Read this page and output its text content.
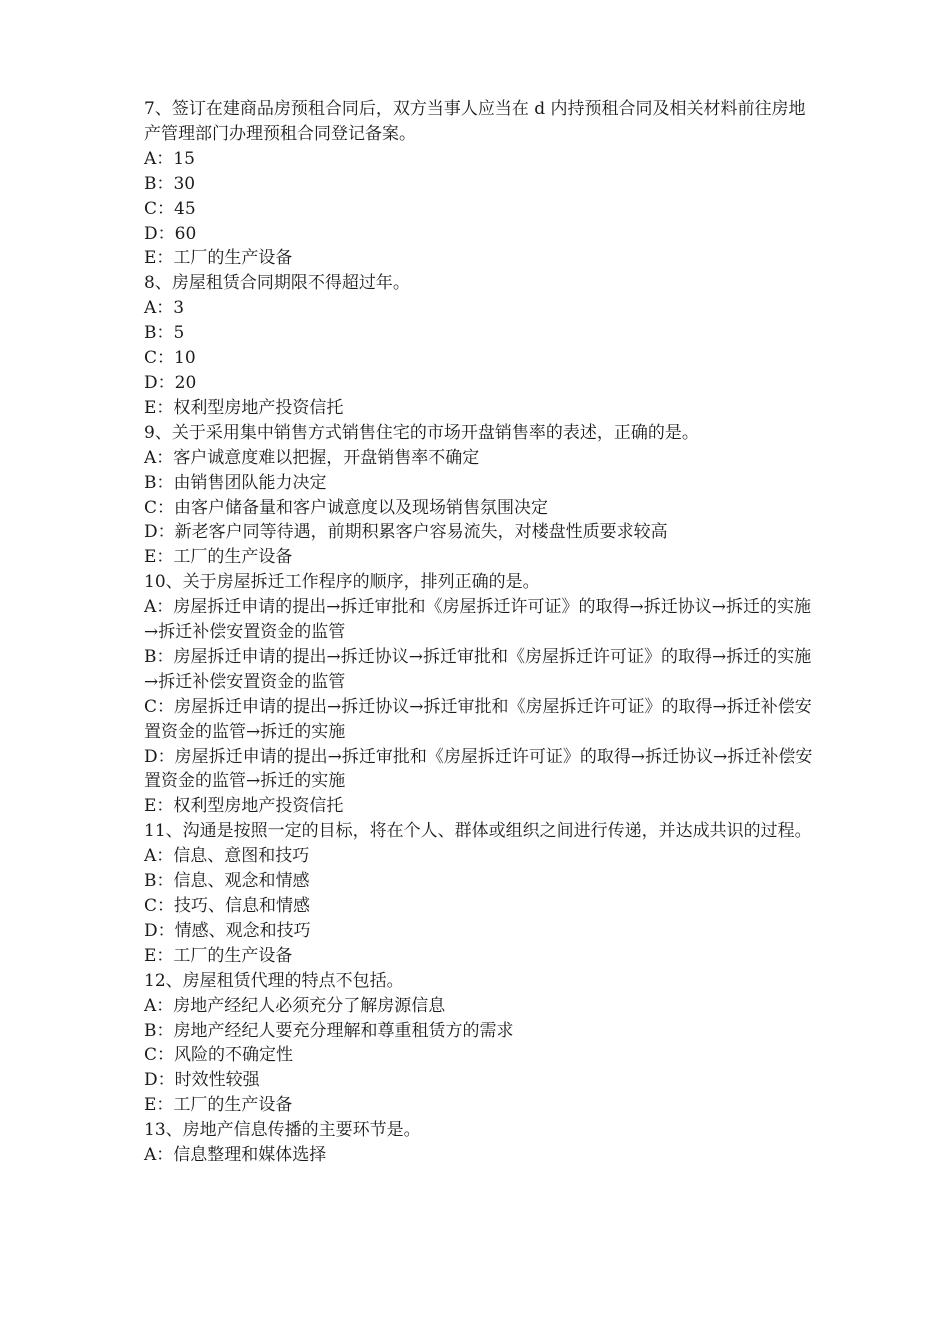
7、签订在建商品房预租合同后，双方当事人应当在 d 内持预租合同及相关材料前往房地产管理部门办理预租合同登记备案。
A：15
B：30
C：45
D：60
E：工厂的生产设备
8、房屋租赁合同期限不得超过年。
A：3
B：5
C：10
D：20
E：权利型房地产投资信托
9、关于采用集中销售方式销售住宅的市场开盘销售率的表述，正确的是。
A：客户诚意度难以把握，开盘销售率不确定
B：由销售团队能力决定
C：由客户储备量和客户诚意度以及现场销售氛围决定
D：新老客户同等待遇，前期积累客户容易流失，对楼盘性质要求较高
E：工厂的生产设备
10、关于房屋拆迁工作程序的顺序，排列正确的是。
A：房屋拆迁申请的提出→拆迁审批和《房屋拆迁许可证》的取得→拆迁协议→拆迁的实施→拆迁补偿安置资金的监管
B：房屋拆迁申请的提出→拆迁协议→拆迁审批和《房屋拆迁许可证》的取得→拆迁的实施→拆迁补偿安置资金的监管
C：房屋拆迁申请的提出→拆迁协议→拆迁审批和《房屋拆迁许可证》的取得→拆迁补偿安置资金的监管→拆迁的实施
D：房屋拆迁申请的提出→拆迁审批和《房屋拆迁许可证》的取得→拆迁协议→拆迁补偿安置资金的监管→拆迁的实施
E：权利型房地产投资信托
11、沟通是按照一定的目标，将在个人、群体或组织之间进行传递，并达成共识的过程。
A：信息、意图和技巧
B：信息、观念和情感
C：技巧、信息和情感
D：情感、观念和技巧
E：工厂的生产设备
12、房屋租赁代理的特点不包括。
A：房地产经纪人必须充分了解房源信息
B：房地产经纪人要充分理解和尊重租赁方的需求
C：风险的不确定性
D：时效性较强
E：工厂的生产设备
13、房地产信息传播的主要环节是。
A：信息整理和媒体选择
